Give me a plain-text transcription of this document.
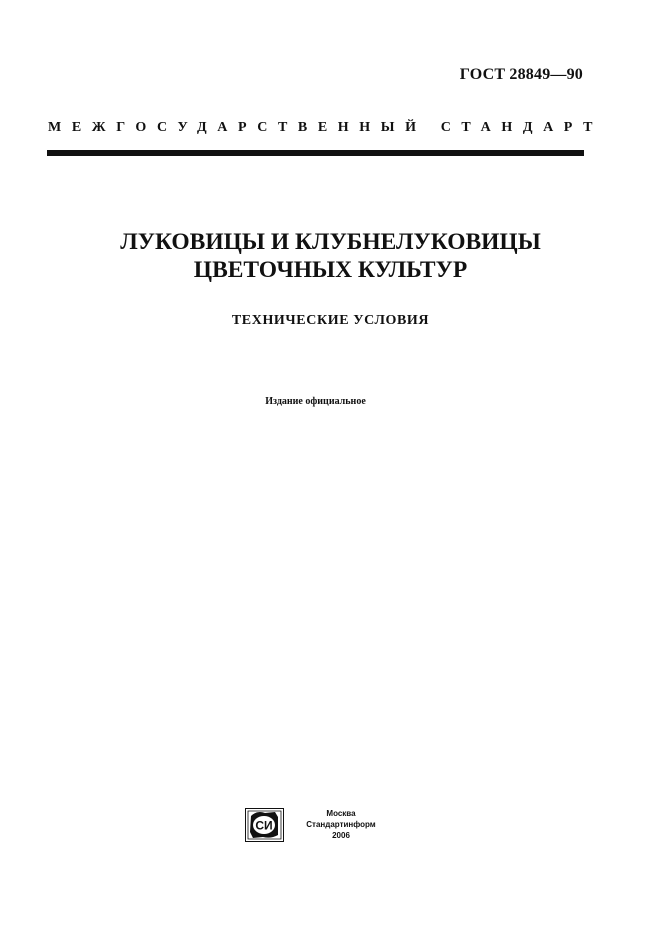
ГОСТ 28849—90
МЕЖГОСУДАРСТВЕННЫЙ СТАНДАРТ
ЛУКОВИЦЫ И КЛУБНЕЛУКОВИЦЫ
ЦВЕТОЧНЫХ КУЛЬТУР
ТЕХНИЧЕСКИЕ УСЛОВИЯ
Издание официальное
СИ
Москва
Стандартинформ
2006
